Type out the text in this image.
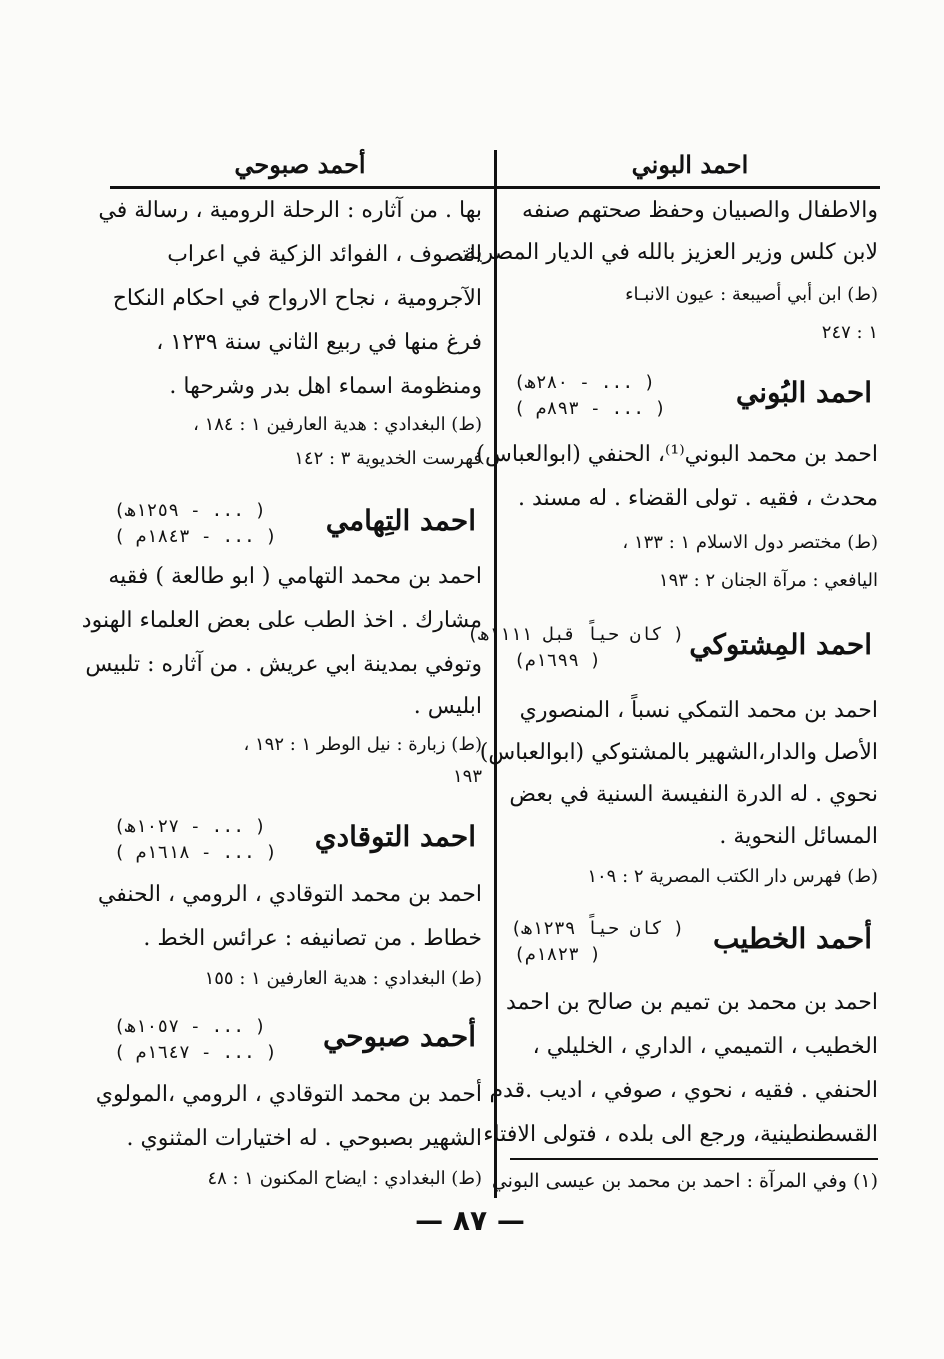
احمد البوني
أحمد صبوحي
والاطفال والصبيان وحفظ صحتهم صنفه
لابن كلس وزير العزيز بالله في الديار المصرية.
(ط) ابن أبي أصيبعة : عيون الانبـاء
١ : ٢٤٧
احمد البُوني
( ... - ٢٨٠ھ)
( ... - ٨٩٣م )
احمد بن محمد البوني⁽¹⁾، الحنفي (ابوالعباس)
محدث ، فقيه . تولى القضاء . له مسند .
(ط) مختصر دول الاسلام ١ : ١٣٣ ،
اليافعي : مرآة الجنان ٢ : ١٩٣
احمد المِشتوكي
( كان حياً قبل ١١١١ھ)
( ١٦٩٩م)
احمد بن محمد التمكي نسباً ، المنصوري
الأصل والدار،الشهير بالمشتوكي (ابوالعباس)
نحوي . له الدرة النفيسة السنية في بعض
المسائل النحوية .
(ط) فهرس دار الكتب المصرية ٢ : ١٠٩
أحمد الخطيب
( كان حياً ١٢٣٩ھ)
( ١٨٢٣م)
احمد بن محمد بن تميم بن صالح بن احمد
الخطيب ، التميمي ، الداري ، الخليلي ،
الحنفي . فقيه ، نحوي ، صوفي ، اديب .قدم
القسطنطينية، ورجع الى بلده ، فتولى الافتاء
(١) وفي المرآة : احمد بن محمد بن عيسى البوني
بها . من آثاره : الرحلة الرومية ، رسالة في
التصوف ، الفوائد الزكية في اعراب
الآجرومية ، نجاح الارواح في احكام النكاح
فرغ منها في ربيع الثاني سنة ١٢٣٩ ،
ومنظومة اسماء اهل بدر وشرحها .
(ط) البغدادي : هدية العارفين ١ : ١٨٤ ،
فهرست الخديوية ٣ : ١٤٢
احمد التِهامي
( ... - ١٢٥٩ھ)
( ... - ١٨٤٣م )
احمد بن محمد التهامي ( ابو طالعة ) فقيه
مشارك . اخذ الطب على بعض العلماء الهنود
وتوفي بمدينة ابي عريش . من آثاره : تلبيس
ابليس .
(ط) زبارة : نيل الوطر ١ : ١٩٢ ،
١٩٣
احمد التوقادي
( ... - ١٠٢٧ھ)
( ... - ١٦١٨م )
احمد بن محمد التوقادي ، الرومي ، الحنفي
خطاط . من تصانيفه : عرائس الخط .
(ط) البغدادي : هدية العارفين ١ : ١٥٥
أحمد صبوحي
( ... - ١٠٥٧ھ)
( ... - ١٦٤٧م )
أحمد بن محمد التوقادي ، الرومي ،المولوي
الشهير بصبوحي . له اختيارات المثنوي .
(ط) البغدادي : ايضاح المكنون ١ : ٤٨
— ٨٧ —
